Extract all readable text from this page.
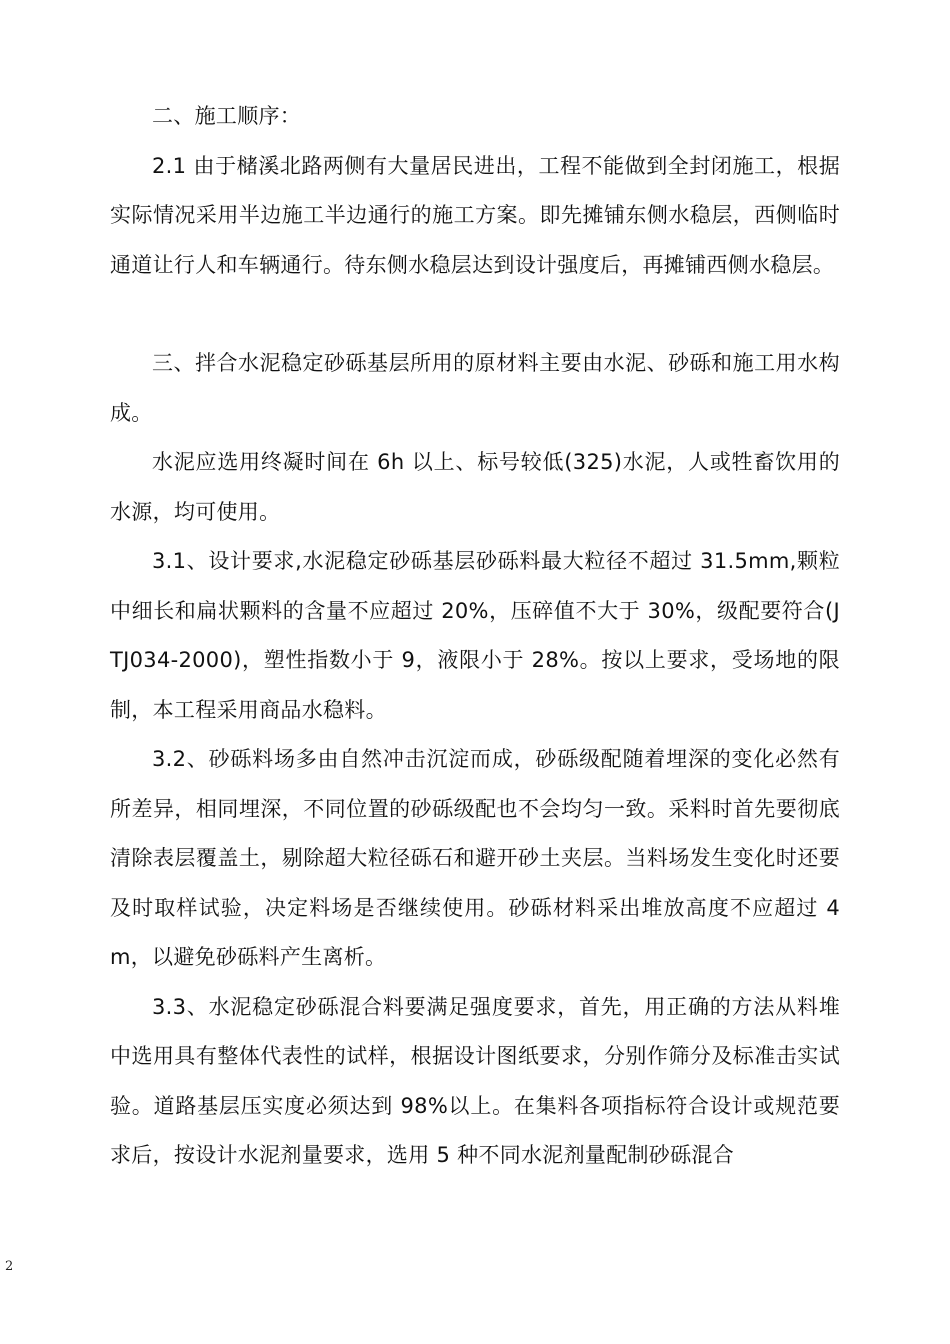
二、施工顺序：

2.1 由于槠溪北路两侧有大量居民进出，工程不能做到全封闭施工，根据实际情况采用半边施工半边通行的施工方案。即先摊铺东侧水稳层，西侧临时通道让行人和车辆通行。待东侧水稳层达到设计强度后，再摊铺西侧水稳层。

三、拌合水泥稳定砂砾基层所用的原材料主要由水泥、砂砾和施工用水构成。

水泥应选用终凝时间在 6h 以上、标号较低(325)水泥，人或牲畜饮用的水源，均可使用。

3.1、设计要求,水泥稳定砂砾基层砂砾料最大粒径不超过 31.5mm,颗粒中细长和扁状颗料的含量不应超过 20%，压碎值不大于 30%，级配要符合(JTJ034-2000)，塑性指数小于 9，液限小于 28%。按以上要求，受场地的限制，本工程采用商品水稳料。

3.2、砂砾料场多由自然冲击沉淀而成，砂砾级配随着埋深的变化必然有所差异，相同埋深，不同位置的砂砾级配也不会均匀一致。采料时首先要彻底清除表层覆盖土，剔除超大粒径砾石和避开砂土夹层。当料场发生变化时还要及时取样试验，决定料场是否继续使用。砂砾材料采出堆放高度不应超过 4m，以避免砂砾料产生离析。

3.3、水泥稳定砂砾混合料要满足强度要求，首先，用正确的方法从料堆中选用具有整体代表性的试样，根据设计图纸要求，分别作筛分及标准击实试验。道路基层压实度必须达到 98%以上。在集料各项指标符合设计或规范要求后，按设计水泥剂量要求，选用 5 种不同水泥剂量配制砂砾混合

2
